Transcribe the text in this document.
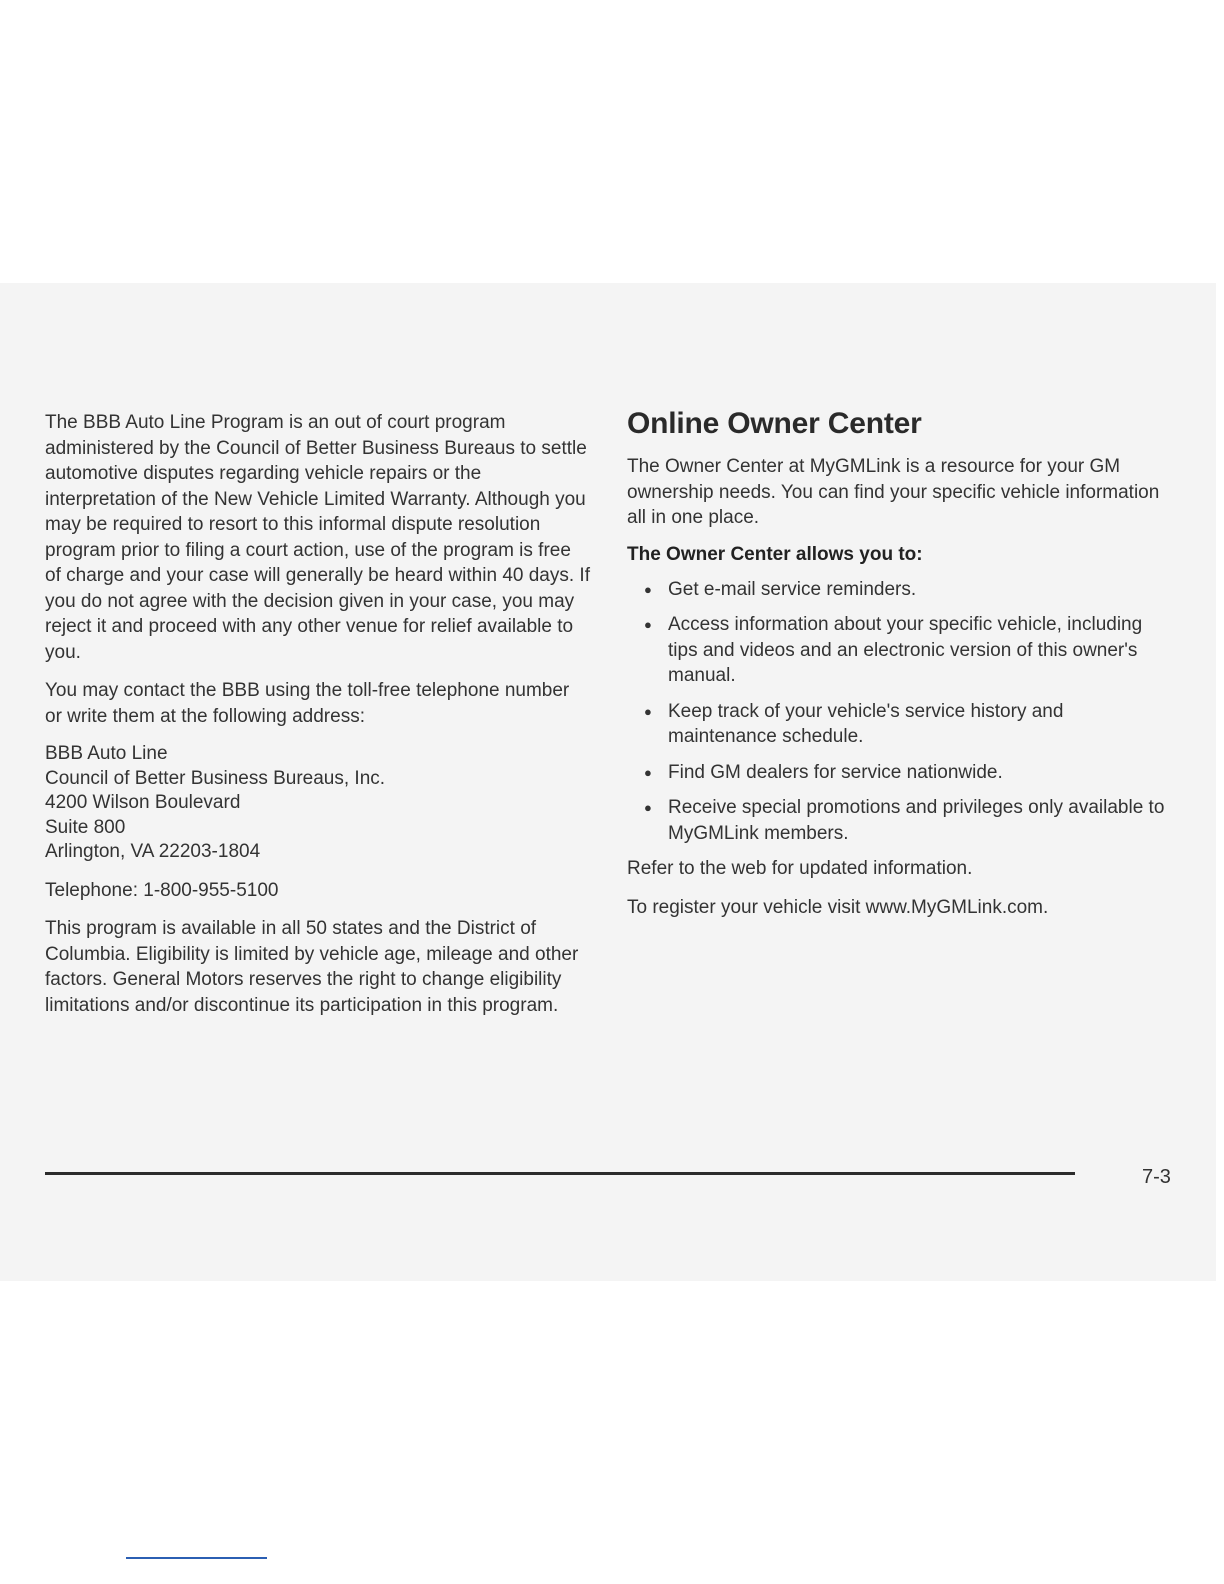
The BBB Auto Line Program is an out of court program administered by the Council of Better Business Bureaus to settle automotive disputes regarding vehicle repairs or the interpretation of the New Vehicle Limited Warranty. Although you may be required to resort to this informal dispute resolution program prior to filing a court action, use of the program is free of charge and your case will generally be heard within 40 days. If you do not agree with the decision given in your case, you may reject it and proceed with any other venue for relief available to you.

You may contact the BBB using the toll-free telephone number or write them at the following address:

BBB Auto Line

Council of Better Business Bureaus, Inc.

4200 Wilson Boulevard

Suite 800

Arlington, VA 22203-1804

Telephone: 1-800-955-5100

This program is available in all 50 states and the District of Columbia. Eligibility is limited by vehicle age, mileage and other factors. General Motors reserves the right to change eligibility limitations and/or discontinue its participation in this program.

Online Owner Center

The Owner Center at MyGMLink is a resource for your GM ownership needs. You can find your specific vehicle information all in one place.

The Owner Center allows you to:
● Get e-mail service reminders.
● Access information about your specific vehicle, including tips and videos and an electronic version of this owner's manual.
● Keep track of your vehicle's service history and maintenance schedule.
● Find GM dealers for service nationwide.
● Receive special promotions and privileges only available to MyGMLink members.

Refer to the web for updated information.

To register your vehicle visit www.MyGMLink.com.

7-3
